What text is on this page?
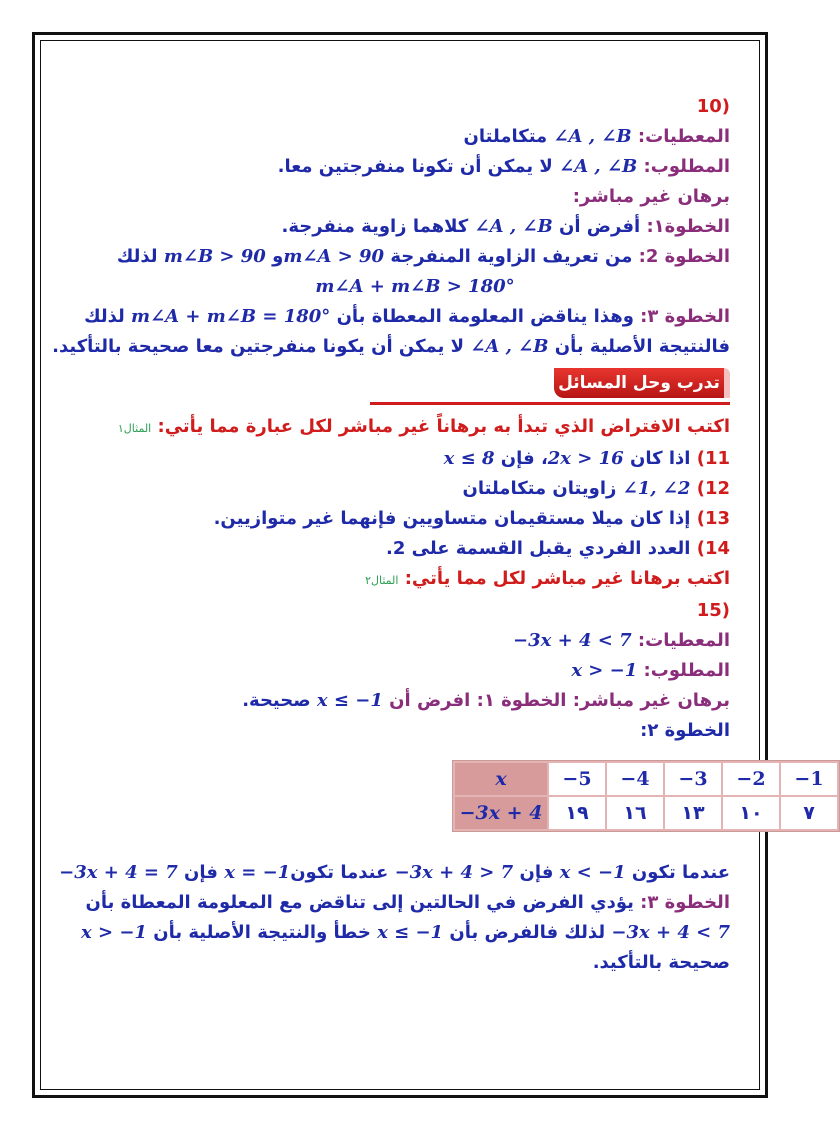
(10
المعطيات: ∠A , ∠B متكاملتان
المطلوب: ∠A , ∠B لا يمكن أن تكونا منفرجتين معا.
برهان غير مباشر:
الخطوة١: أفرض أن ∠A , ∠B كلاهما زاوية منفرجة.
الخطوة 2: من تعريف الزاوية المنفرجة m∠A > 90و m∠B > 90 لذلك
m∠A + m∠B > 180°
الخطوة ٣: وهذا يناقض المعلومة المعطاة بأن m∠A + m∠B = 180° لذلك
فالنتيجة الأصلية بأن ∠A , ∠B لا يمكن أن يكونا منفرجتين معا صحيحة بالتأكيد.
تدرب وحل المسائل
اكتب الافتراض الذي تبدأ به برهاناً غير مباشر لكل عبارة مما يأتي: المثال١
11) اذا كان 2x > 16، فإن x ≤ 8
12) ∠1, ∠2 زاويتان متكاملتان
13) إذا كان ميلا مستقيمان متساويين فإنهما غير متوازيين.
14) العدد الفردي يقبل القسمة على 2.
اكتب برهانا غير مباشر لكل مما يأتي: المثال٢
(15
المعطيات: −3x + 4 < 7
المطلوب: x > −1
برهان غير مباشر: الخطوة ١: افرض أن x ≤ −1 صحيحة.
الخطوة ٢:
x	−5	−4	−3	−2	−1
−3x + 4	١٩	١٦	١٣	١٠	٧
عندما تكون x < −1 فإن −3x + 4 > 7 عندما تكونx = −1 فإن −3x + 4 = 7
الخطوة ٣: يؤدي الفرض في الحالتين إلى تناقض مع المعلومة المعطاة بأن
−3x + 4 < 7 لذلك فالفرض بأن x ≤ −1 خطأ والنتيجة الأصلية بأن x > −1
صحيحة بالتأكيد.
